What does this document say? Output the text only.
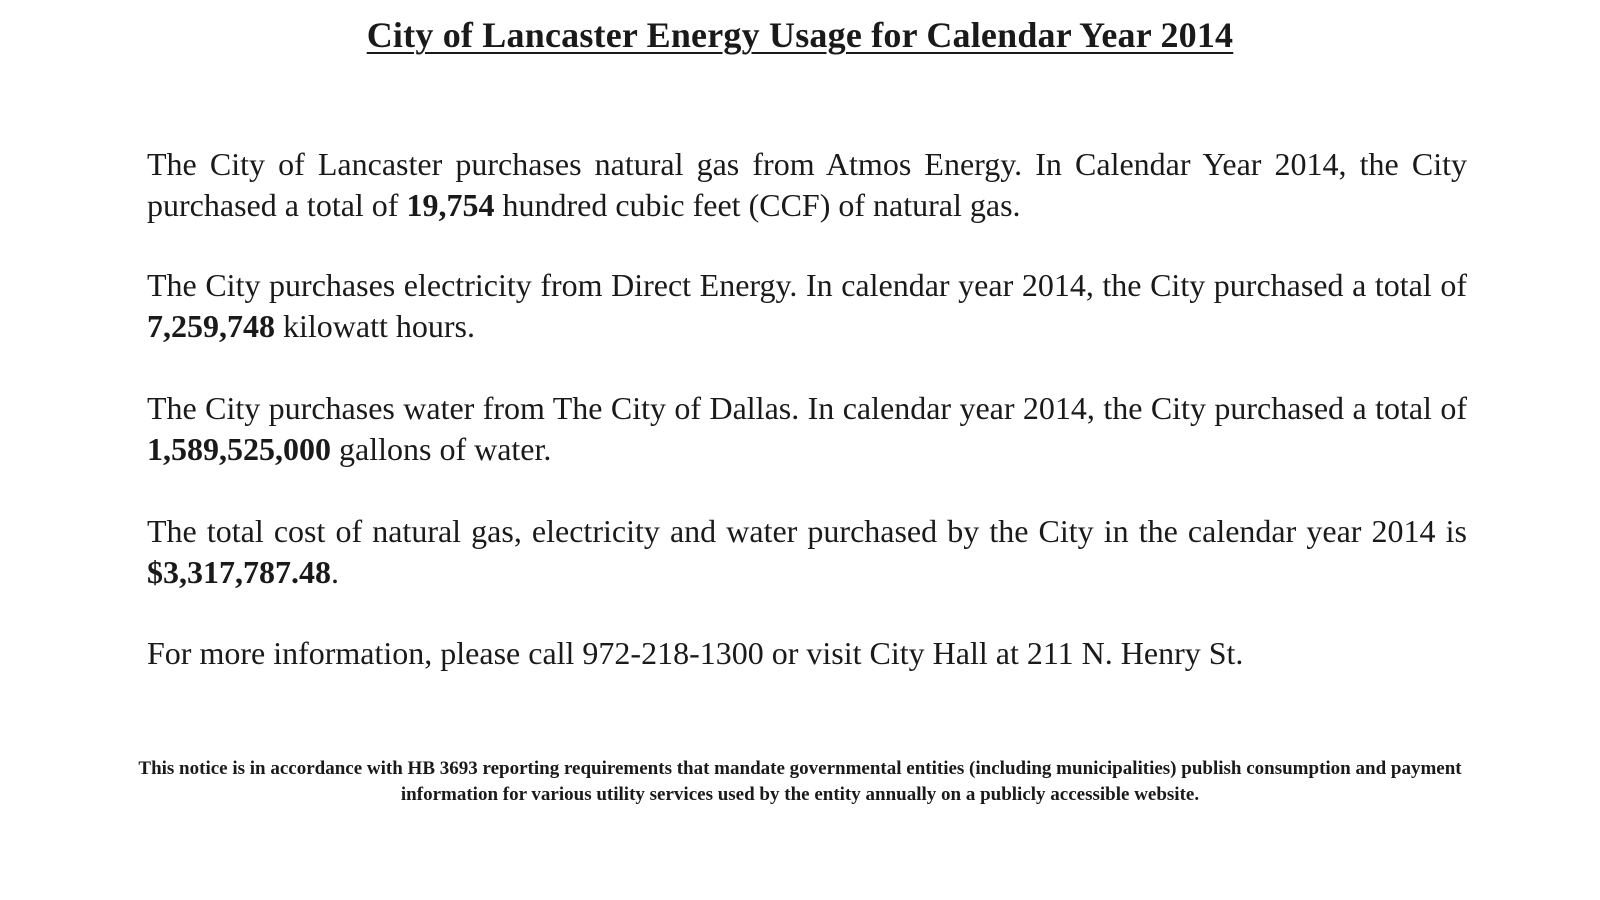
City of Lancaster Energy Usage for Calendar Year 2014
The City of Lancaster purchases natural gas from Atmos Energy. In Calendar Year 2014, the City purchased a total of 19,754 hundred cubic feet (CCF) of natural gas.
The City purchases electricity from Direct Energy. In calendar year 2014, the City purchased a total of 7,259,748 kilowatt hours.
The City purchases water from The City of Dallas. In calendar year 2014, the City purchased a total of 1,589,525,000 gallons of water.
The total cost of natural gas, electricity and water purchased by the City in the calendar year 2014 is $3,317,787.48.
For more information, please call 972-218-1300 or visit City Hall at 211 N. Henry St.
This notice is in accordance with HB 3693 reporting requirements that mandate governmental entities (including municipalities) publish consumption and payment information for various utility services used by the entity annually on a publicly accessible website.
